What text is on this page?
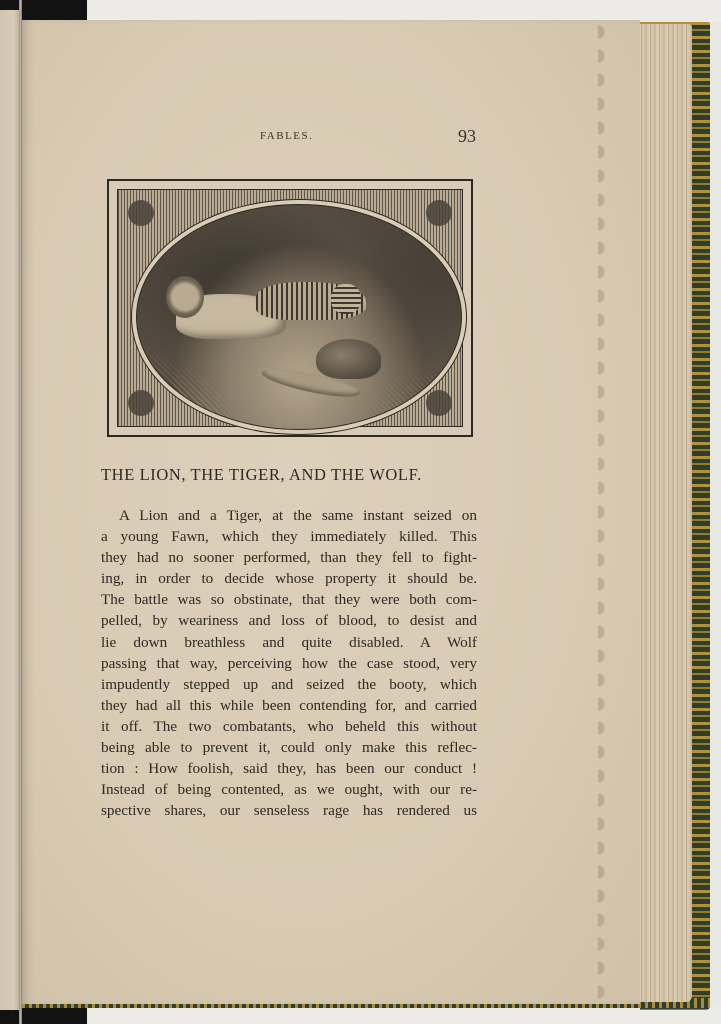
FABLES.	93
THE LION, THE TIGER, AND THE WOLF.
A Lion and a Tiger, at the same instant seized on
a young Fawn, which they immediately killed. This
they had no sooner performed, than they fell to fight-
ing, in order to decide whose property it should be.
The battle was so obstinate, that they were both com-
pelled, by weariness and loss of blood, to desist and
lie down breathless and quite disabled. A Wolf
passing that way, perceiving how the case stood, very
impudently stepped up and seized the booty, which
they had all this while been contending for, and carried
it off. The two combatants, who beheld this without
being able to prevent it, could only make this reflec-
tion : How foolish, said they, has been our conduct !
Instead of being contented, as we ought, with our re-
spective shares, our senseless rage has rendered us
